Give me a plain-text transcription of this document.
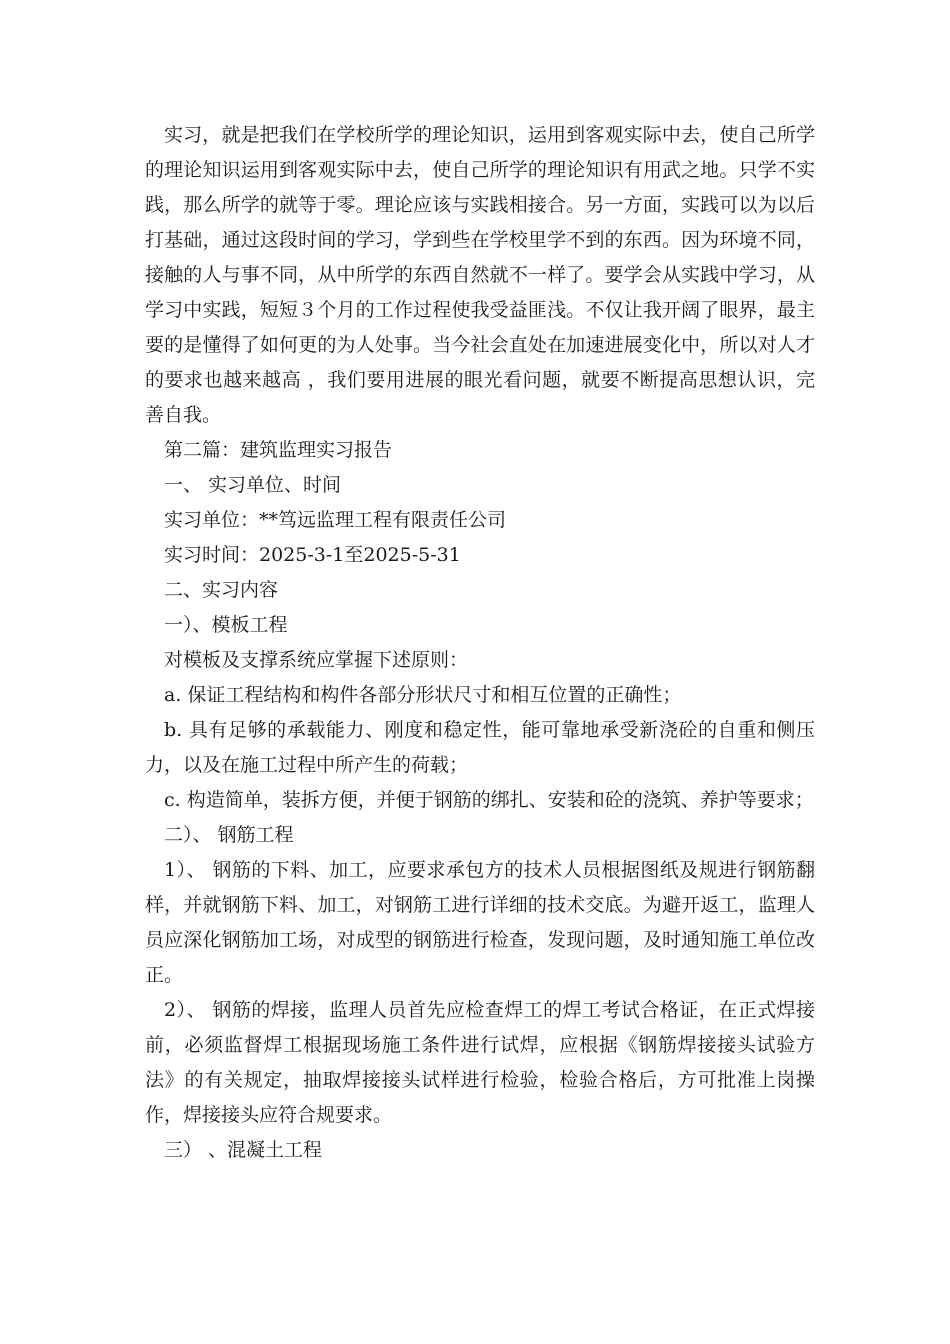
实习，就是把我们在学校所学的理论知识，运用到客观实际中去，使自己所学的理论知识运用到客观实际中去，使自己所学的理论知识有用武之地。只学不实践，那么所学的就等于零。理论应该与实践相接合。另一方面，实践可以为以后打基础，通过这段时间的学习，学到些在学校里学不到的东西。因为环境不同，接触的人与事不同，从中所学的东西自然就不一样了。要学会从实践中学习，从学习中实践，短短３个月的工作过程使我受益匪浅。不仅让我开阔了眼界，最主要的是懂得了如何更的为人处事。当今社会直处在加速进展变化中，所以对人才的要求也越来越高 ，我们要用进展的眼光看问题，就要不断提高思想认识，完善自我。

第二篇：建筑监理实习报告

一、 实习单位、时间

实习单位：**笃远监理工程有限责任公司

实习时间：2025-3-1至2025-5-31

二、实习内容

一）、模板工程

对模板及支撑系统应掌握下述原则：

a. 保证工程结构和构件各部分形状尺寸和相互位置的正确性；

b. 具有足够的承载能力、刚度和稳定性，能可靠地承受新浇砼的自重和侧压力，以及在施工过程中所产生的荷载；

c. 构造简单，装拆方便，并便于钢筋的绑扎、安装和砼的浇筑、养护等要求；

二）、 钢筋工程

1）、 钢筋的下料、加工，应要求承包方的技术人员根据图纸及规进行钢筋翻样，并就钢筋下料、加工，对钢筋工进行详细的技术交底。为避开返工，监理人员应深化钢筋加工场，对成型的钢筋进行检查，发现问题，及时通知施工单位改正。

2）、 钢筋的焊接，监理人员首先应检查焊工的焊工考试合格证，在正式焊接前，必须监督焊工根据现场施工条件进行试焊，应根据《钢筋焊接接头试验方法》的有关规定，抽取焊接接头试样进行检验，检验合格后，方可批准上岗操作，焊接接头应符合规要求。

三） 、混凝土工程
